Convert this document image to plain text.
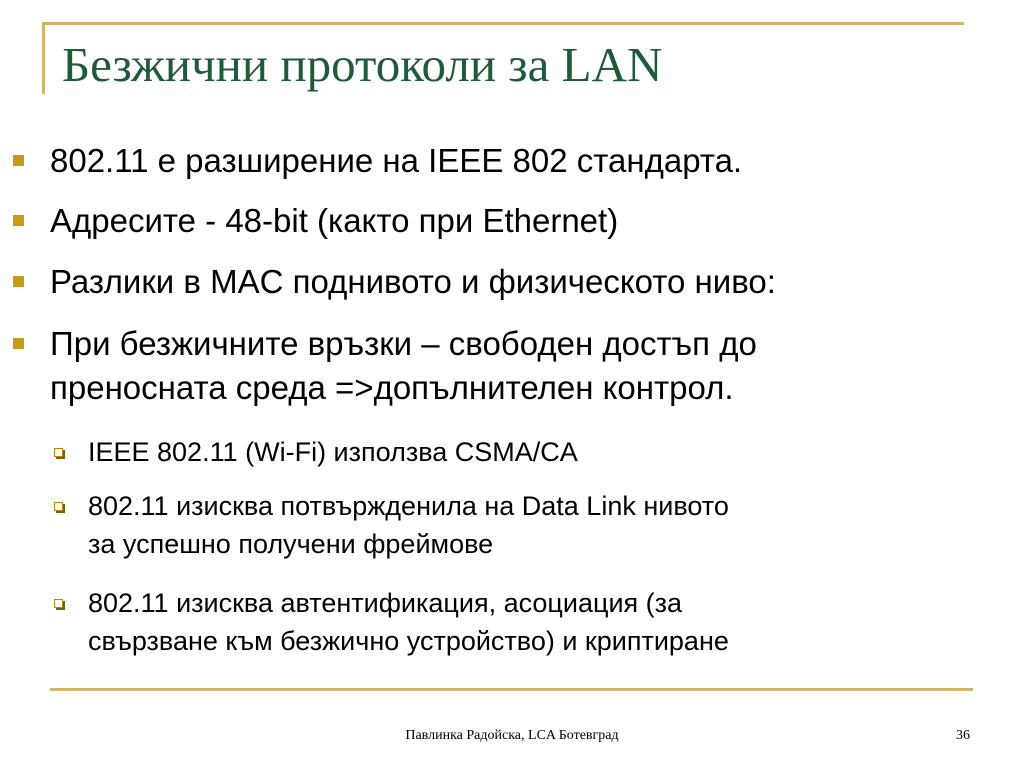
Безжични протоколи за LAN
802.11 е разширение на IEEE 802 стандарта.
Адресите - 48-bit (както при Ethernet)
Разлики в MAC поднивото и физическото ниво:
При безжичните връзки – свободен достъп до
преносната среда =>допълнителен контрол.
IEEE 802.11 (Wi-Fi) използва CSMA/CA
802.11 изисква потвържденила на Data Link нивото
за успешно получени фреймове
802.11 изисква автентификация, асоциация (за
свързване към безжично устройство) и криптиране
Павлинка Радойска, LCA Ботевград	36
